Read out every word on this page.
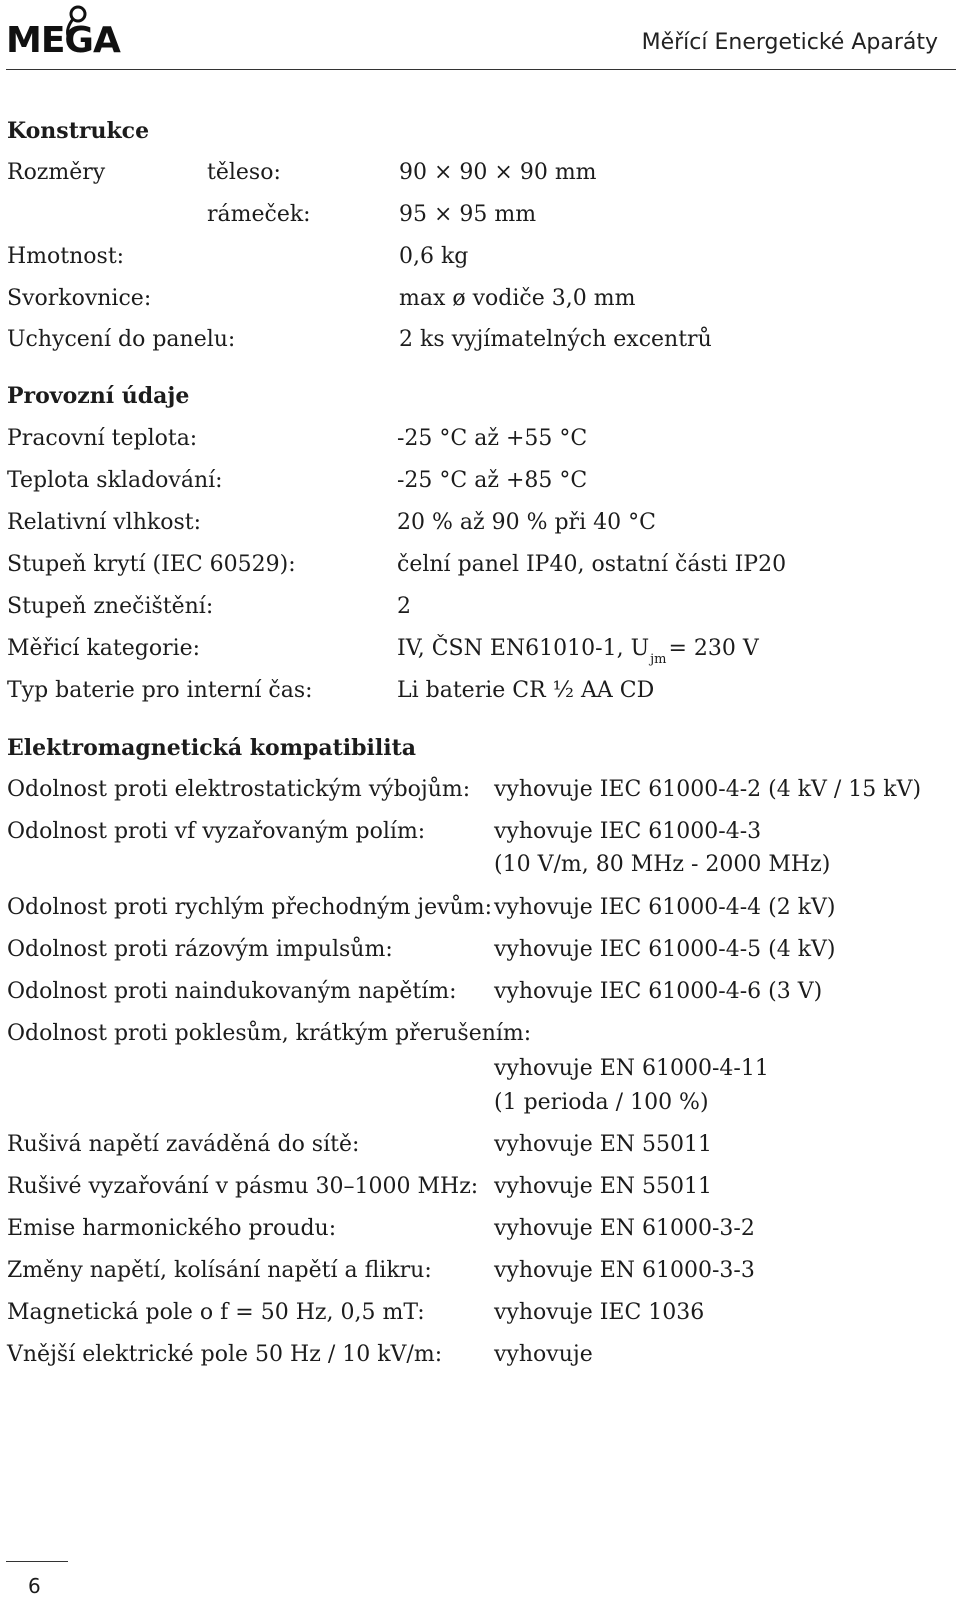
MEGA	Měřící Energetické Aparáty
Konstrukce
Rozměry	těleso:	90 × 90 × 90 mm
rámeček:	95 × 95 mm
Hmotnost:	0,6 kg
Svorkovnice:	max ø vodiče 3,0 mm
Uchycení do panelu:	2 ks vyjímatelných excentrů
Provozní údaje
Pracovní teplota:	-25 °C až +55 °C
Teplota skladování:	-25 °C až +85 °C
Relativní vlhkost:	20 % až 90 % při 40 °C
Stupeň krytí (IEC 60529):	čelní panel IP40, ostatní části IP20
Stupeň znečištění:	2
Měřicí kategorie:	IV, ČSN EN61010-1, $U_{jm}= 230$ V
Typ baterie pro interní čas:	Li baterie CR ½ AA CD
Elektromagnetická kompatibilita
Odolnost proti elektrostatickým výbojům: vyhovuje IEC 61000-4-2 (4 kV / 15 kV)
Odolnost proti vf vyzařovaným polím:	vyhovuje IEC 61000-4-3
(10 V/m, 80 MHz - 2000 MHz)
Odolnost proti rychlým přechodným jevům: vyhovuje IEC 61000-4-4 (2 kV)
Odolnost proti rázovým impulsům:	vyhovuje IEC 61000-4-5 (4 kV)
Odolnost proti naindukovaným napětím: vyhovuje IEC 61000-4-6 (3 V)
Odolnost proti poklesům, krátkým přerušením:
vyhovuje EN 61000-4-11
(1 perioda / 100 %)
Rušivá napětí zaváděná do sítě:	vyhovuje EN 55011
Rušivé vyzařování v pásmu 30–1000 MHz: vyhovuje EN 55011
Emise harmonického proudu:	vyhovuje EN 61000-3-2
Změny napětí, kolísání napětí a flikru:	vyhovuje EN 61000-3-3
Magnetická pole o f = 50 Hz, 0,5 mT:	vyhovuje IEC 1036
Vnější elektrické pole 50 Hz / 10 kV/m: vyhovuje
6
